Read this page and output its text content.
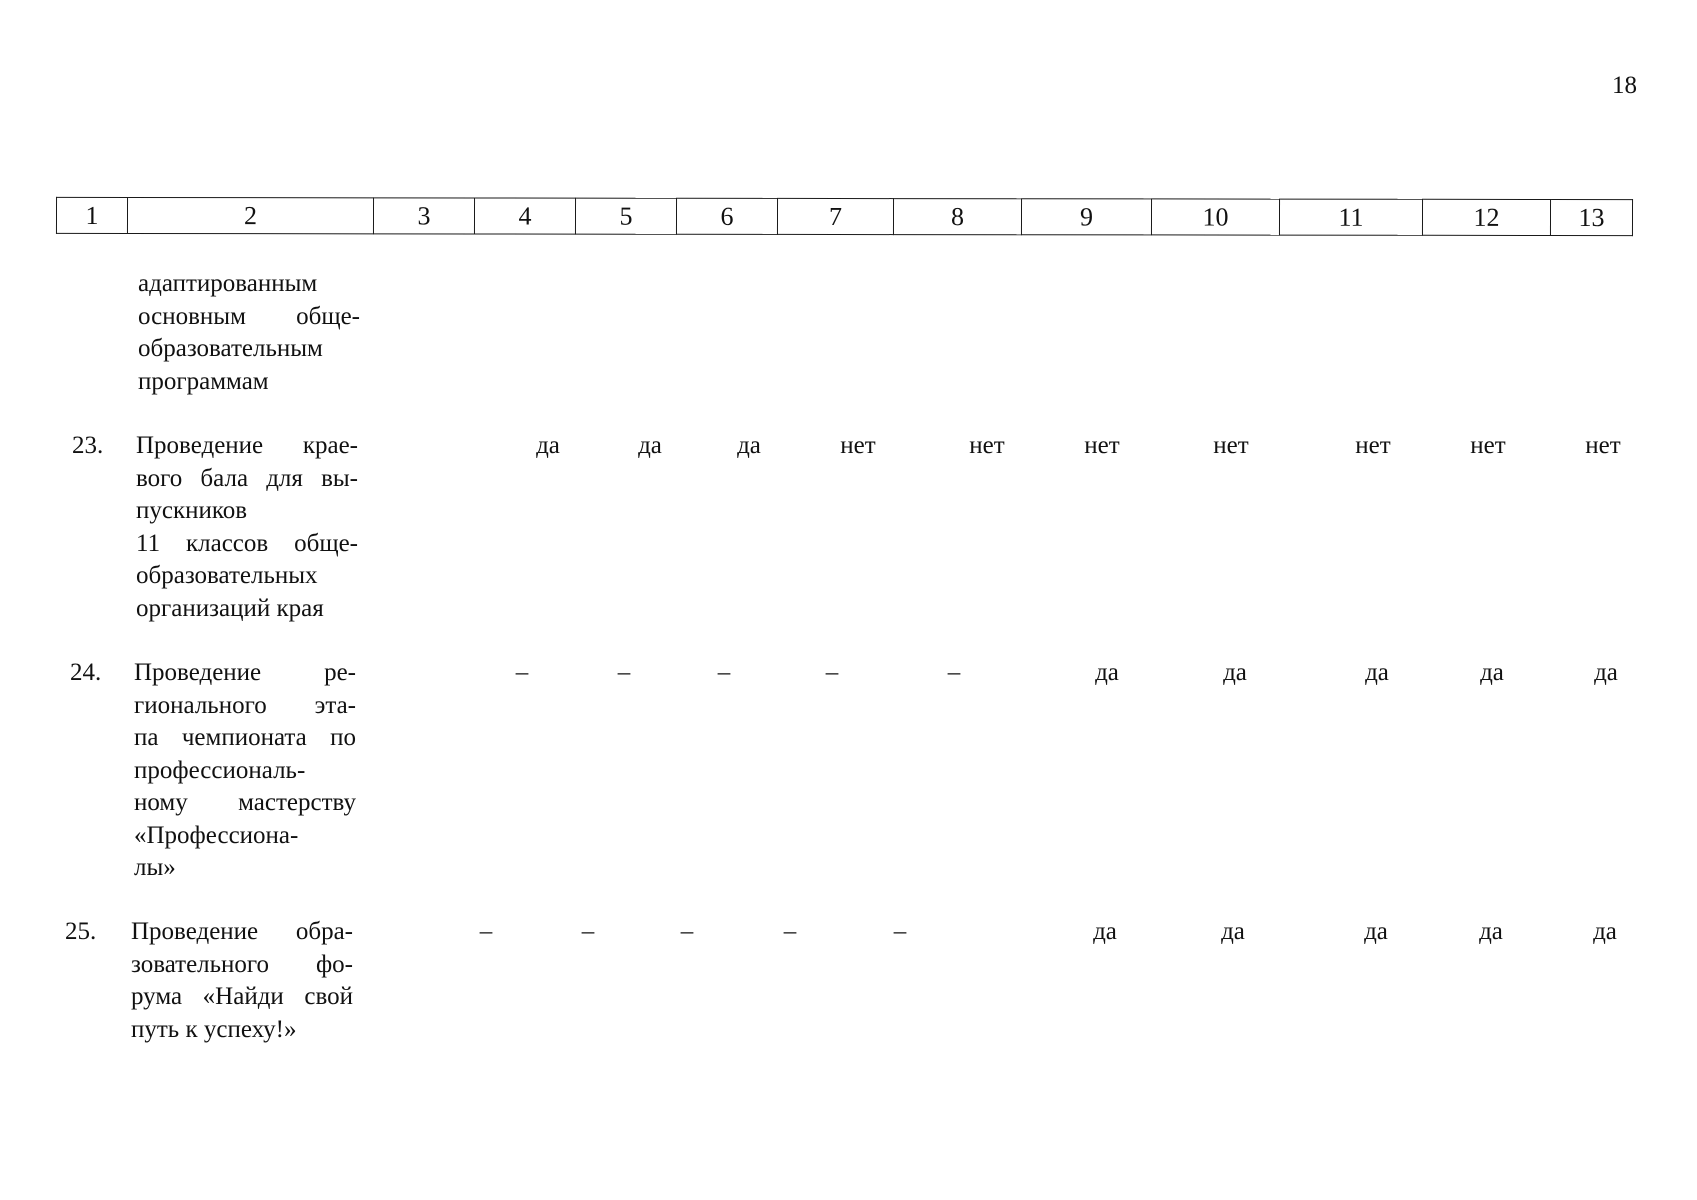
18
1	2	3	4	5	6	7	8	9	10	11	12	13
адаптированным
основным обще-
образовательным
программам
23. Проведение крае-
вого бала для вы-
пускников
11 классов обще-
образовательных
организаций края
да	да	да	нет	нет	нет	нет	нет	нет	нет
24. Проведение ре-
гионального эта-
па чемпионата по
профессиональ-
ному мастерству
«Профессиона-
лы»
–	–	–	–	–	да	да	да	да	да
25. Проведение обра-
зовательного фо-
рума «Найди свой
путь к успеху!»
–	–	–	–	–	да	да	да	да	да
